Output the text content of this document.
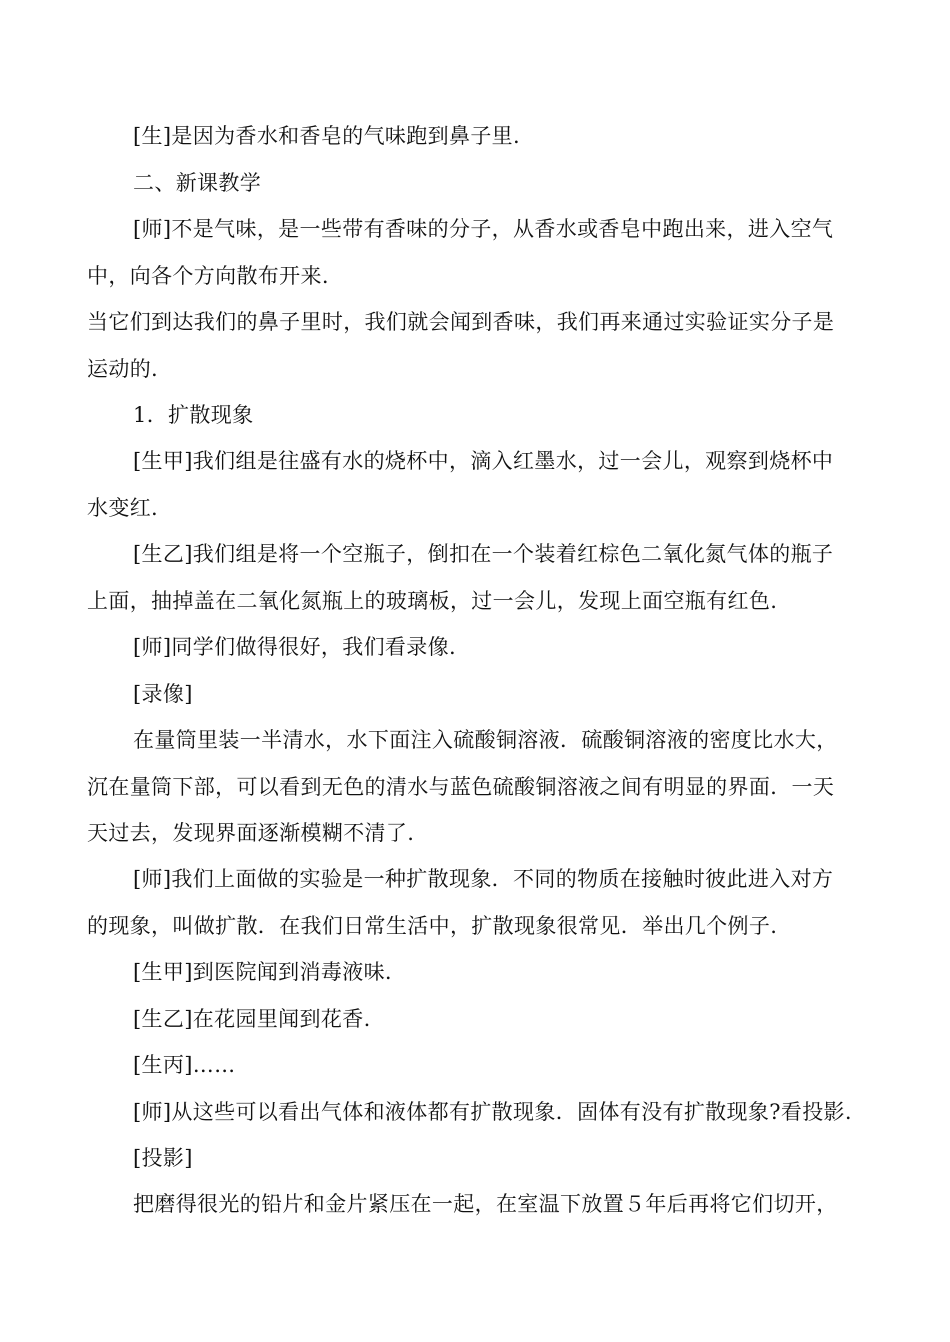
[生]是因为香水和香皂的气味跑到鼻子里.

二、新课教学

[师]不是气味，是一些带有香味的分子，从香水或香皂中跑出来，进入空气

中，向各个方向散布开来.

当它们到达我们的鼻子里时，我们就会闻到香味，我们再来通过实验证实分子是

运动的.

1．扩散现象

[生甲]我们组是往盛有水的烧杯中，滴入红墨水，过一会儿，观察到烧杯中

水变红.

[生乙]我们组是将一个空瓶子，倒扣在一个装着红棕色二氧化氮气体的瓶子

上面，抽掉盖在二氧化氮瓶上的玻璃板，过一会儿，发现上面空瓶有红色.

[师]同学们做得很好，我们看录像.

[录像]

在量筒里装一半清水，水下面注入硫酸铜溶液．硫酸铜溶液的密度比水大，

沉在量筒下部，可以看到无色的清水与蓝色硫酸铜溶液之间有明显的界面．一天

天过去，发现界面逐渐模糊不清了.

[师]我们上面做的实验是一种扩散现象．不同的物质在接触时彼此进入对方

的现象，叫做扩散．在我们日常生活中，扩散现象很常见．举出几个例子.

[生甲]到医院闻到消毒液味.

[生乙]在花园里闻到花香.

[生丙]……

[师]从这些可以看出气体和液体都有扩散现象．固体有没有扩散现象?看投影.

[投影]

把磨得很光的铅片和金片紧压在一起，在室温下放置５年后再将它们切开，
